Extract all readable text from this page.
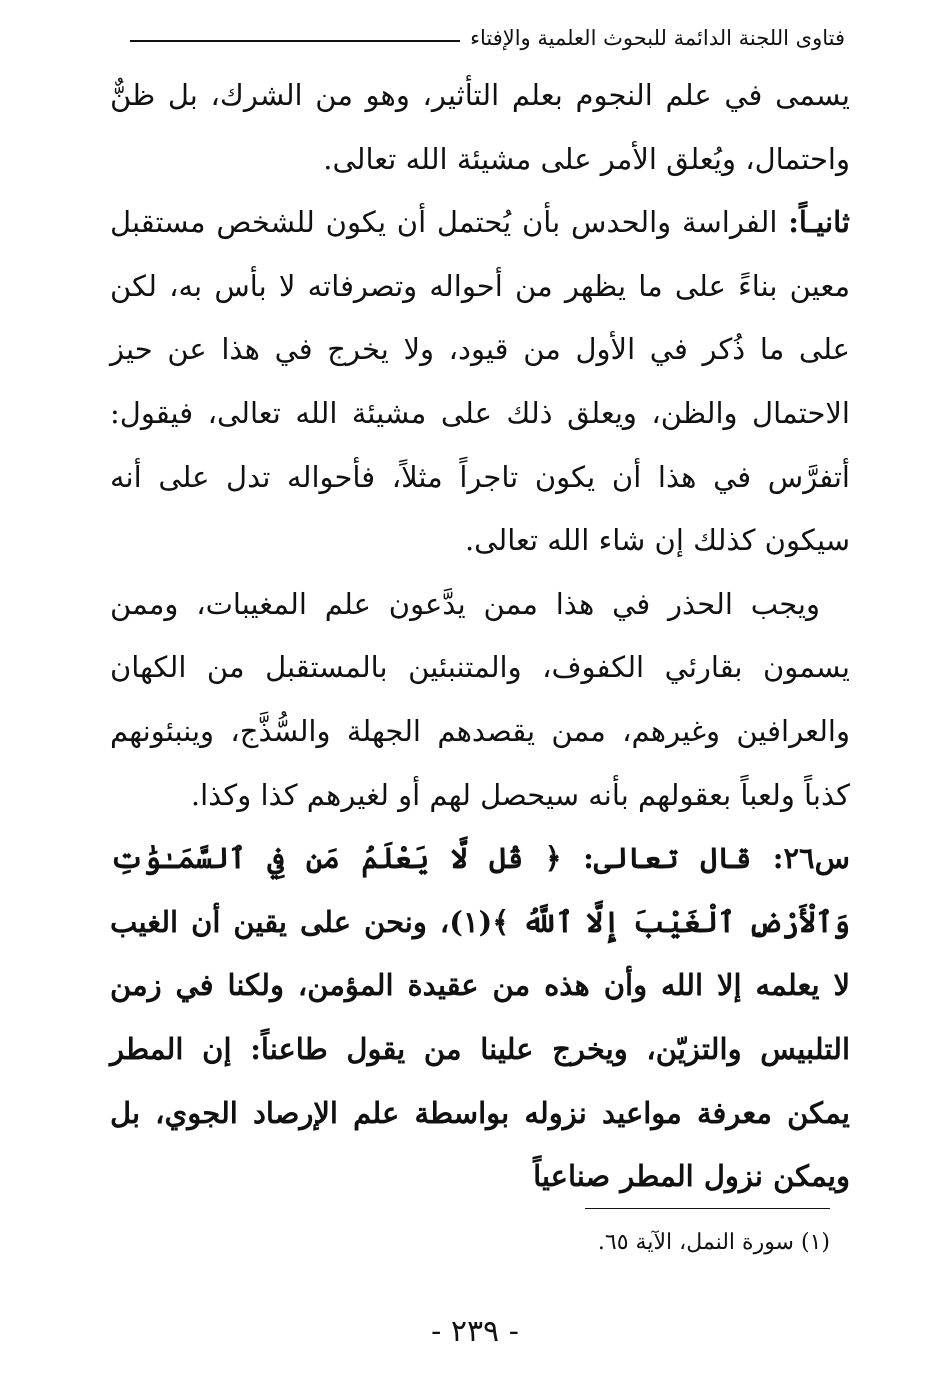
فتاوى اللجنة الدائمة للبحوث العلمية والإفتاء

يسمى في علم النجوم بعلم التأثير، وهو من الشرك، بل ظنٌّ واحتمال، ويُعلق الأمر على مشيئة الله تعالى.

ثانيـاً: الفراسة والحدس بأن يُحتمل أن يكون للشخص مستقبل معين بناءً على ما يظهر من أحواله وتصرفاته لا بأس به، لكن على ما ذُكر في الأول من قيود، ولا يخرج في هذا عن حيز الاحتمال والظن، ويعلق ذلك على مشيئة الله تعالى، فيقول: أتفرَّس في هذا أن يكون تاجراً مثلاً، فأحواله تدل على أنه سيكون كذلك إن شاء الله تعالى.

ويجب الحذر في هذا ممن يدَّعون علم المغيبات، وممن يسمون بقارئي الكفوف، والمتنبئين بالمستقبل من الكهان والعرافين وغيرهم، ممن يقصدهم الجهلة والسُّذَّج، وينبئونهم كذباً ولعباً بعقولهم بأنه سيحصل لهم أو لغيرهم كذا وكذا.

س٢٦: قال تعالى: ﴿ قُل لَّا يَعْلَمُ مَن فِي ٱلسَّمَـٰوَٰتِ وَٱلْأَرْضِ ٱلْغَيْبَ إِلَّا ٱللَّهُ ﴾(١)، ونحن على يقين أن الغيب لا يعلمه إلا الله وأن هذه من عقيدة المؤمن، ولكنا في زمن التلبيس والتزيّن، ويخرج علينا من يقول طاعناً: إن المطر يمكن معرفة مواعيد نزوله بواسطة علم الإرصاد الجوي، بل ويمكن نزول المطر صناعياً

(١) سورة النمل، الآية ٦٥.
- ٢٣٩ -
